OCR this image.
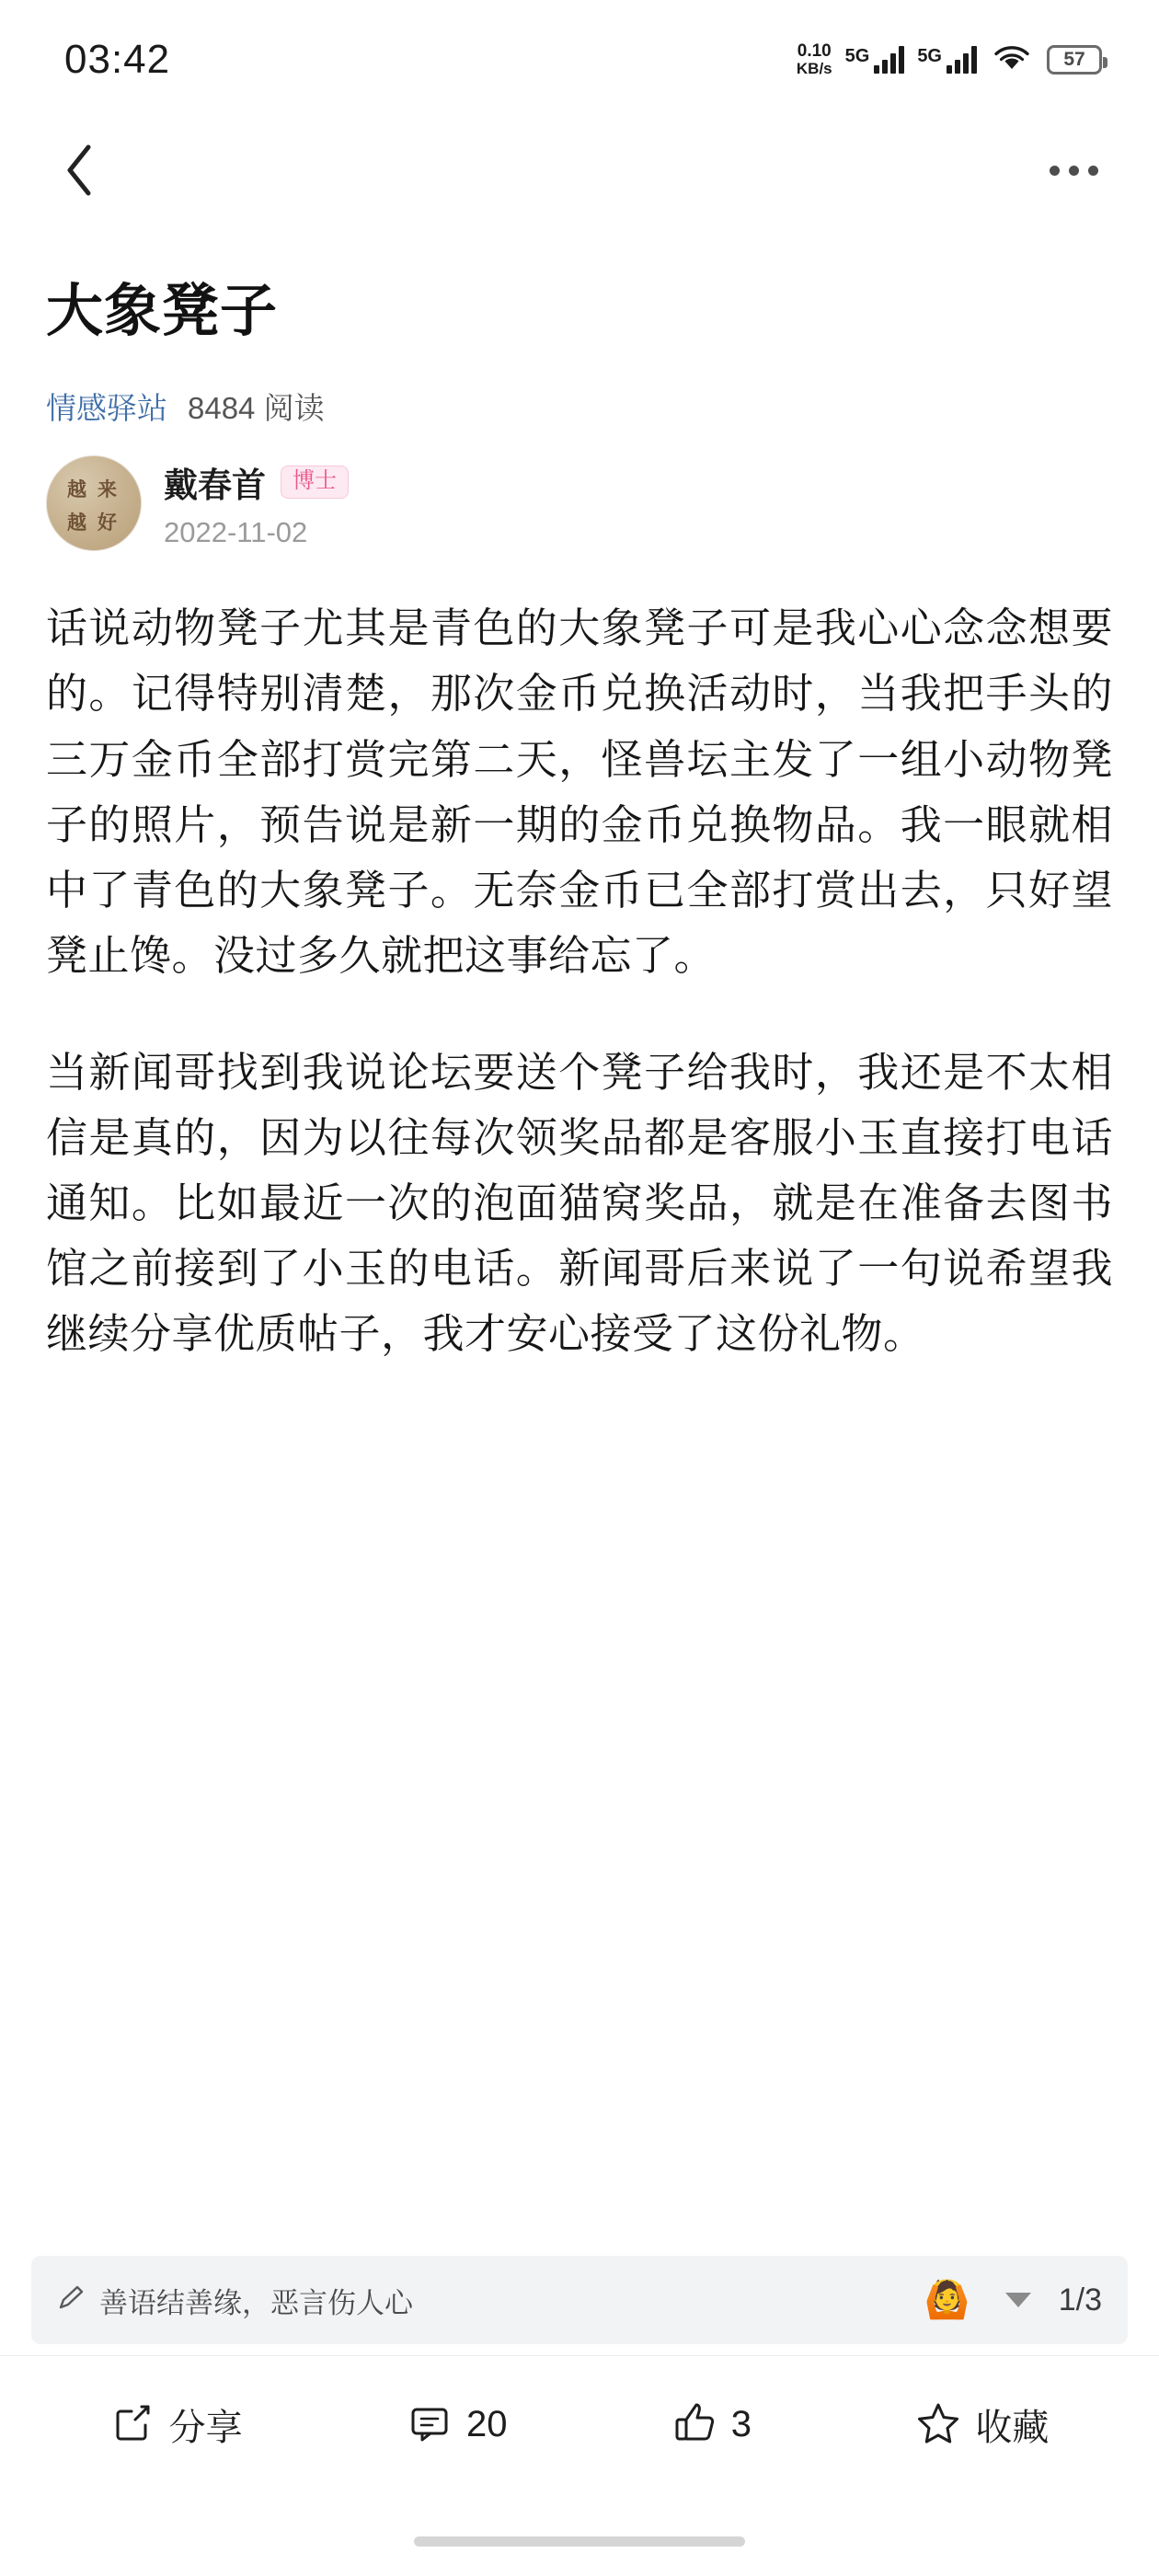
03:42	0.10
KB/s
5G	5G	57
大象凳子
情感驿站 8484 阅读
越 来
越 好
戴春首	博士
2022-11-02

话说动物凳子尤其是青色的大象凳子可是我心心念念想要的。记得特别清楚，那次金币兑换活动时，当我把手头的三万金币全部打赏完第二天，怪兽坛主发了一组小动物凳子的照片，预告说是新一期的金币兑换物品。我一眼就相中了青色的大象凳子。无奈金币已全部打赏出去，只好望凳止馋。没过多久就把这事给忘了。

当新闻哥找到我说论坛要送个凳子给我时，我还是不太相信是真的，因为以往每次领奖品都是客服小玉直接打电话通知。比如最近一次的泡面猫窝奖品，就是在准备去图书馆之前接到了小玉的电话。新闻哥后来说了一句说希望我继续分享优质帖子，我才安心接受了这份礼物。

善语结善缘，恶言伤人心	🙆	1/3
分享	20	3	收藏
